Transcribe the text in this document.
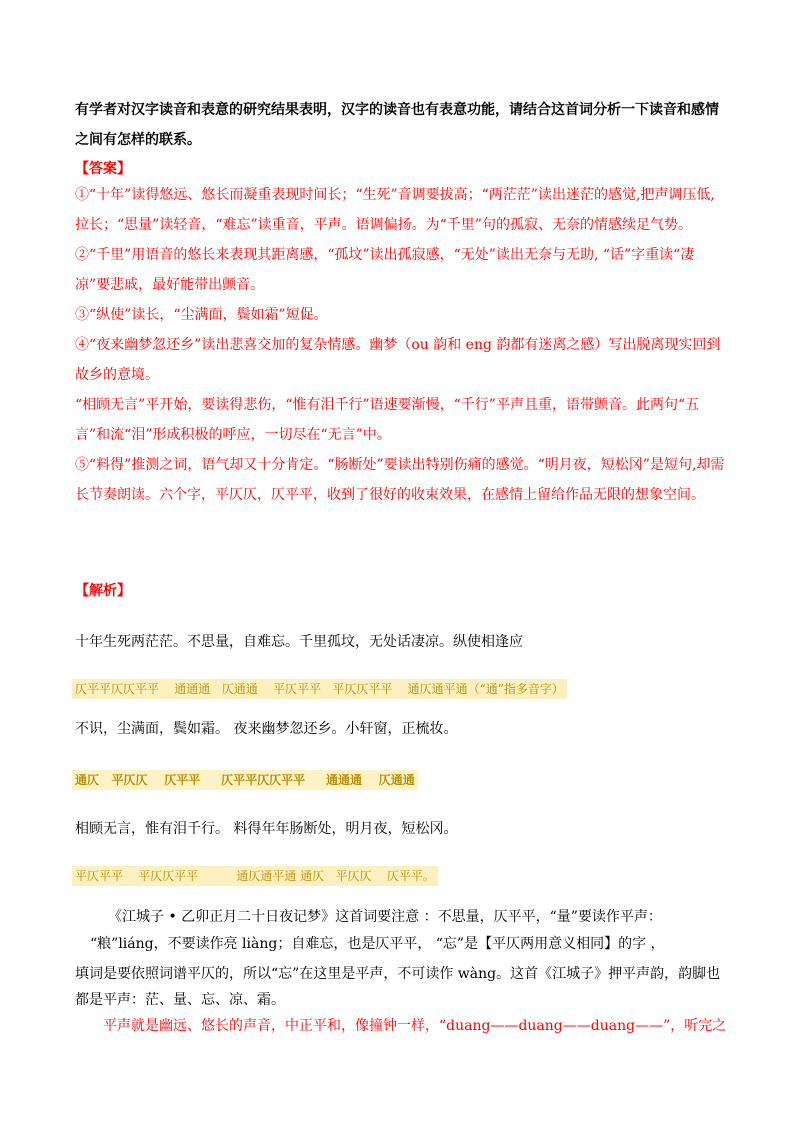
有学者对汉字读音和表意的研究结果表明，汉字的读音也有表意功能，请结合这首词分析一下读音和感情之间有怎样的联系。
【答案】

①“十年”读得悠远、悠长而凝重表现时间长；“生死”音调要拔高；“两茫茫”读出迷茫的感觉,把声调压低,拉长；“思量”读轻音，“难忘”读重音，平声。语调偏扬。为“千里”句的孤寂、无奈的情感续足气势。

②“千里”用语音的悠长来表现其距离感，“孤坟”读出孤寂感，“无处”读出无奈与无助, “话”字重读“凄凉”要悲戚，最好能带出颤音。

③“纵使”读长，“尘满面，鬓如霜”短促。

④“夜来幽梦忽还乡”读出悲喜交加的复杂情感。幽梦（ou 韵和 eng 韵都有迷离之感）写出脱离现实回到故乡的意境。

“相顾无言”平开始，要读得悲伤，“惟有泪千行”语速要渐慢，“千行”平声且重，语带颤音。此两句“五言”和流“泪”形成积极的呼应，一切尽在“无言”中。

⑤“料得”推测之词，语气却又十分肯定。“肠断处”要读出特别伤痛的感觉。“明月夜，短松冈”是短句,却需长节奏朗读。六个字，平仄仄，仄平平，收到了很好的收束效果，在感情上留给作品无限的想象空间。

【解析】
十年生死两茫茫。不思量，自难忘。千里孤坟，无处话凄凉。纵使相逢应
仄平平仄仄平平    通通通   仄通通    平仄平平   平仄仄平平    通仄通平通（“通”指多音字）
不识，尘满面，鬓如霜。 夜来幽梦忽还乡。小轩窗，正梳妆。
通仄   平仄仄    仄平平     仄平平仄仄平平     通通通    仄通通
相顾无言，惟有泪千行。 料得年年肠断处，明月夜，短松冈。
平仄平平    平仄仄平平          通仄通平通 通仄   平仄仄    仄平平。
《江城子 • 乙卯正月二十日夜记梦》这首词要注意 ：不思量，仄平平，“量”要读作平声：
“粮”liáng，不要读作亮 liàng；自难忘，也是仄平平， “忘”是【平仄两用意义相同】的字 ，
填词是要依照词谱平仄的，所以“忘”在这里是平声，不可读作 wàng。这首《江城子》押平声韵，韵脚也
都是平声：茫、量、忘、凉、霜。
平声就是幽远、悠长的声音，中正平和，像撞钟一样，“duang——duang——duang——”，听完之
